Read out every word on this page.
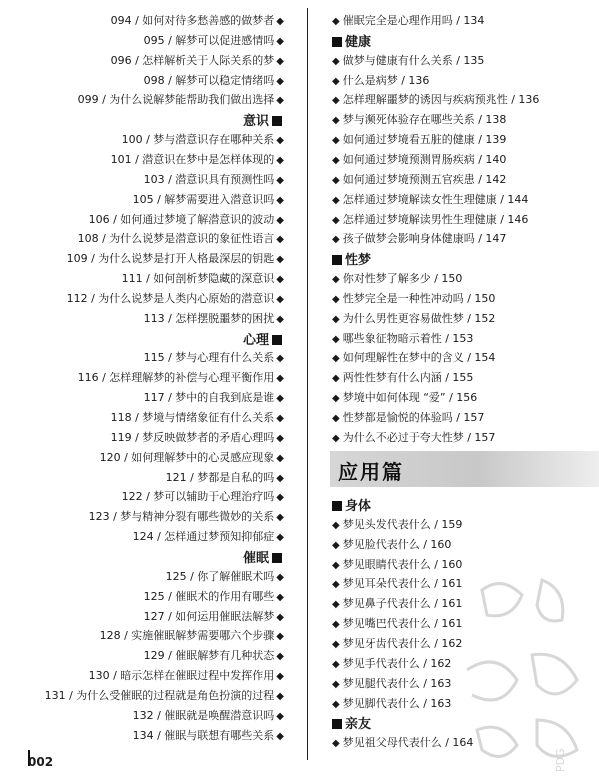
094 / 如何对待多愁善感的做梦者 ◆
095 / 解梦可以促进感情吗 ◆
096 / 怎样解析关于人际关系的梦 ◆
098 / 解梦可以稳定情绪吗 ◆
099 / 为什么说解梦能帮助我们做出选择 ◆
意识
100 / 梦与潜意识存在哪种关系 ◆
101 / 潜意识在梦中是怎样体现的 ◆
103 / 潜意识具有预测性吗 ◆
105 / 解梦需要进入潜意识吗 ◆
106 / 如何通过梦境了解潜意识的波动 ◆
108 / 为什么说梦是潜意识的象征性语言 ◆
109 / 为什么说梦是打开人格最深层的钥匙 ◆
111 / 如何剖析梦隐藏的深意识 ◆
112 / 为什么说梦是人类内心原始的潜意识 ◆
113 / 怎样摆脱噩梦的困扰 ◆
心理
115 / 梦与心理有什么关系 ◆
116 / 怎样理解梦的补偿与心理平衡作用 ◆
117 / 梦中的自我到底是谁 ◆
118 / 梦境与情绪象征有什么关系 ◆
119 / 梦反映做梦者的矛盾心理吗 ◆
120 / 如何理解梦中的心灵感应现象 ◆
121 / 梦都是自私的吗 ◆
122 / 梦可以辅助于心理治疗吗 ◆
123 / 梦与精神分裂有哪些微妙的关系 ◆
124 / 怎样通过梦预知抑郁症 ◆
催眠
125 / 你了解催眠术吗 ◆
125 / 催眠术的作用有哪些 ◆
127 / 如何运用催眠法解梦 ◆
128 / 实施催眠解梦需要哪六个步骤 ◆
129 / 催眠解梦有几种状态 ◆
130 / 暗示怎样在催眠过程中发挥作用 ◆
131 / 为什么受催眠的过程就是角色扮演的过程 ◆
132 / 催眠就是唤醒潜意识吗 ◆
134 / 催眠与联想有哪些关系 ◆
◆ 催眠完全是心理作用吗 / 134
健康
◆ 做梦与健康有什么关系 / 135
◆ 什么是病梦 / 136
◆ 怎样理解噩梦的诱因与疾病预兆性 / 136
◆ 梦与濒死体验存在哪些关系 / 138
◆ 如何通过梦境看五脏的健康 / 139
◆ 如何通过梦境预测胃肠疾病 / 140
◆ 如何通过梦境预测五官疾患 / 142
◆ 怎样通过梦境解读女性生理健康 / 144
◆ 怎样通过梦境解读男性生理健康 / 146
◆ 孩子做梦会影响身体健康吗 / 147
性梦
◆ 你对性梦了解多少 / 150
◆ 性梦完全是一种性冲动吗 / 150
◆ 为什么男性更容易做性梦 / 152
◆ 哪些象征物暗示着性 / 153
◆ 如何理解性在梦中的含义 / 154
◆ 两性性梦有什么内涵 / 155
◆ 梦境中如何体现 “爱” / 156
◆ 性梦都是愉悦的体验吗 / 157
◆ 为什么不必过于夸大性梦 / 157
身体
◆ 梦见头发代表什么 / 159
◆ 梦见脸代表什么 / 160
◆ 梦见眼睛代表什么 / 160
◆ 梦见耳朵代表什么 / 161
◆ 梦见鼻子代表什么 / 161
◆ 梦见嘴巴代表什么 / 161
◆ 梦见牙齿代表什么 / 162
◆ 梦见手代表什么 / 162
◆ 梦见腿代表什么 / 163
◆ 梦见脚代表什么 / 163
亲友
◆ 梦见祖父母代表什么 / 164
应用篇
PDG
002
